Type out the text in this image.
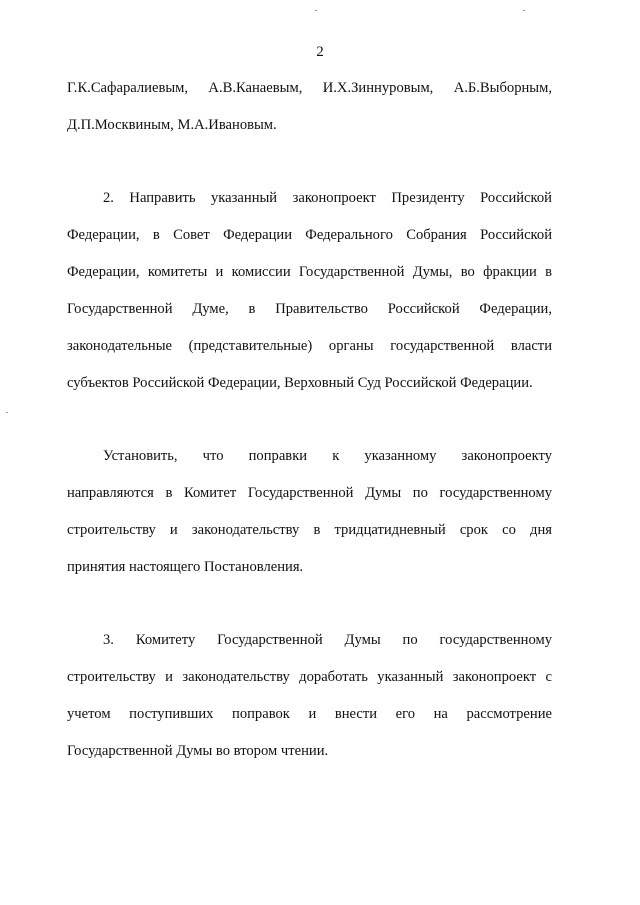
2
Г.К.Сафаралиевым, А.В.Канаевым, И.Х.Зиннуровым, А.Б.Выборным,
Д.П.Москвиным, М.А.Ивановым.
2. Направить указанный законопроект Президенту Российской
Федерации, в Совет Федерации Федерального Собрания Российской
Федерации, комитеты и комиссии Государственной Думы, во фракции в
Государственной Думе, в Правительство Российской Федерации,
законодательные (представительные) органы государственной власти
субъектов Российской Федерации, Верховный Суд Российской Федерации.
Установить, что поправки к указанному законопроекту
направляются в Комитет Государственной Думы по государственному
строительству и законодательству в тридцатидневный срок со дня
принятия настоящего Постановления.
3. Комитету Государственной Думы по государственному
строительству и законодательству доработать указанный законопроект с
учетом поступивших поправок и внести его на рассмотрение
Государственной Думы во втором чтении.
